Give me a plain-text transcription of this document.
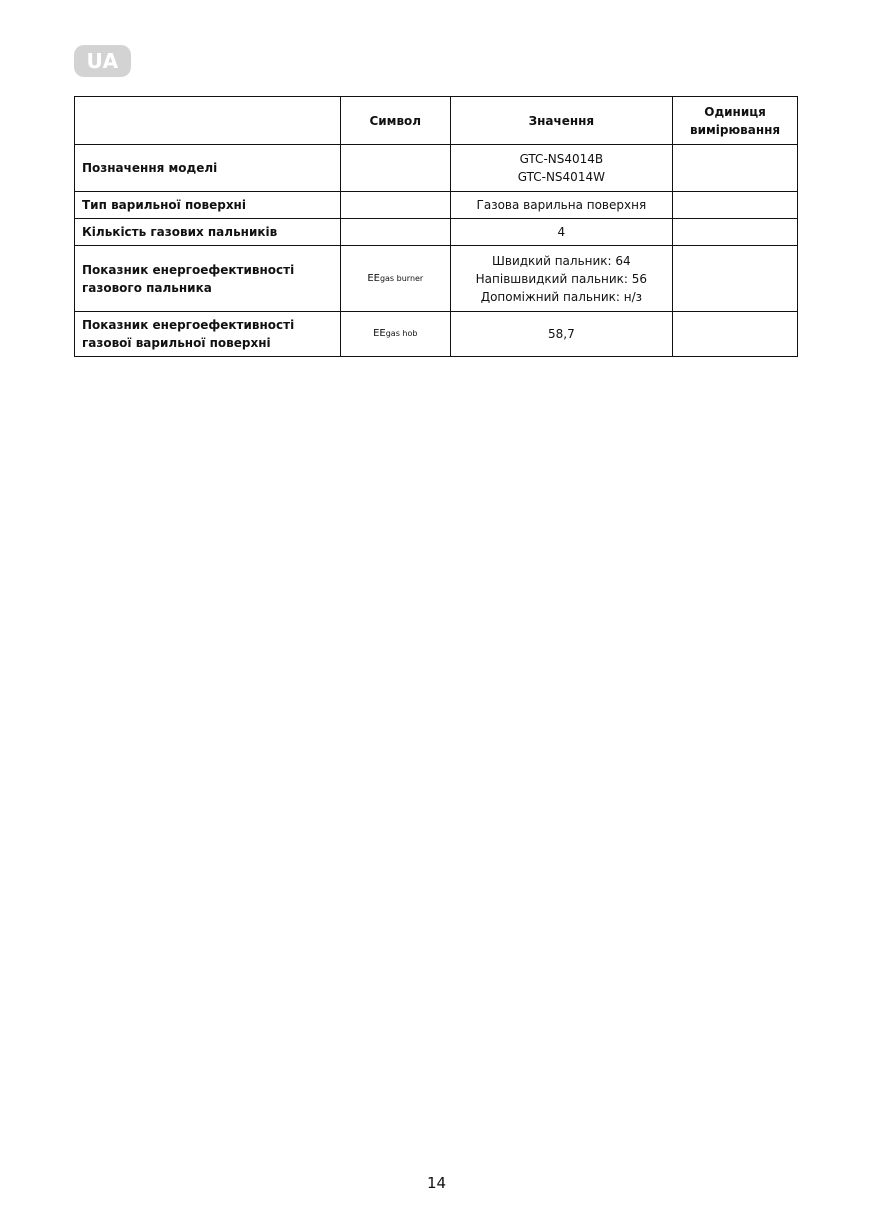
UA
	Символ	Значення	Одиниця вимірювання
Позначення моделі		GTC-NS4014B
GTC-NS4014W	

Тип варильної поверхні		Газова варильна поверхня	

Кількість газових пальників		4	

Показник енергоефективності газового пальника	EEgas burner	Швидкий пальник: 64
Напівшвидкий пальник: 56
Допоміжний пальник: н/з	

Показник енергоефективності газової варильної поверхні	EEgas hob	58,7	

14
